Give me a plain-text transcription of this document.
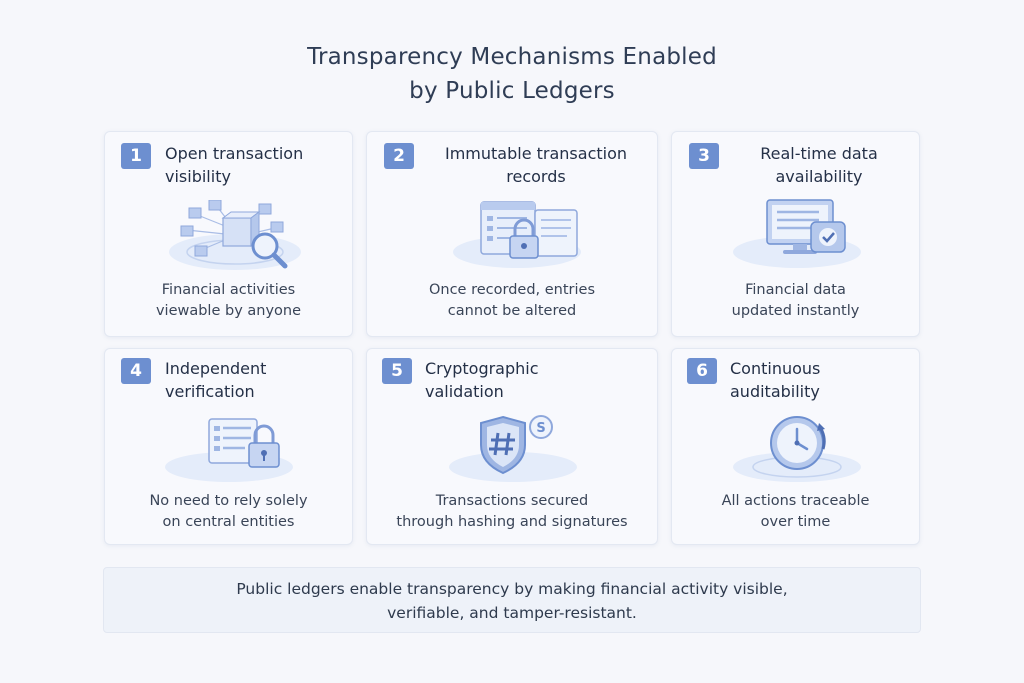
Transparency Mechanisms Enabled
by Public Ledgers
1	Open transaction
visibility
Financial activities
viewable by anyone
2	Immutable transaction
records
Once recorded, entries
cannot be altered
3	Real-time data
availability
Financial data
updated instantly
4	Independent
verification
No need to rely solely
on central entities
5	Cryptographic
validation
S
Transactions secured
through hashing and signatures
6	Continuous
auditability
All actions traceable
over time
Public ledgers enable transparency by making financial activity visible,
verifiable, and tamper-resistant.
